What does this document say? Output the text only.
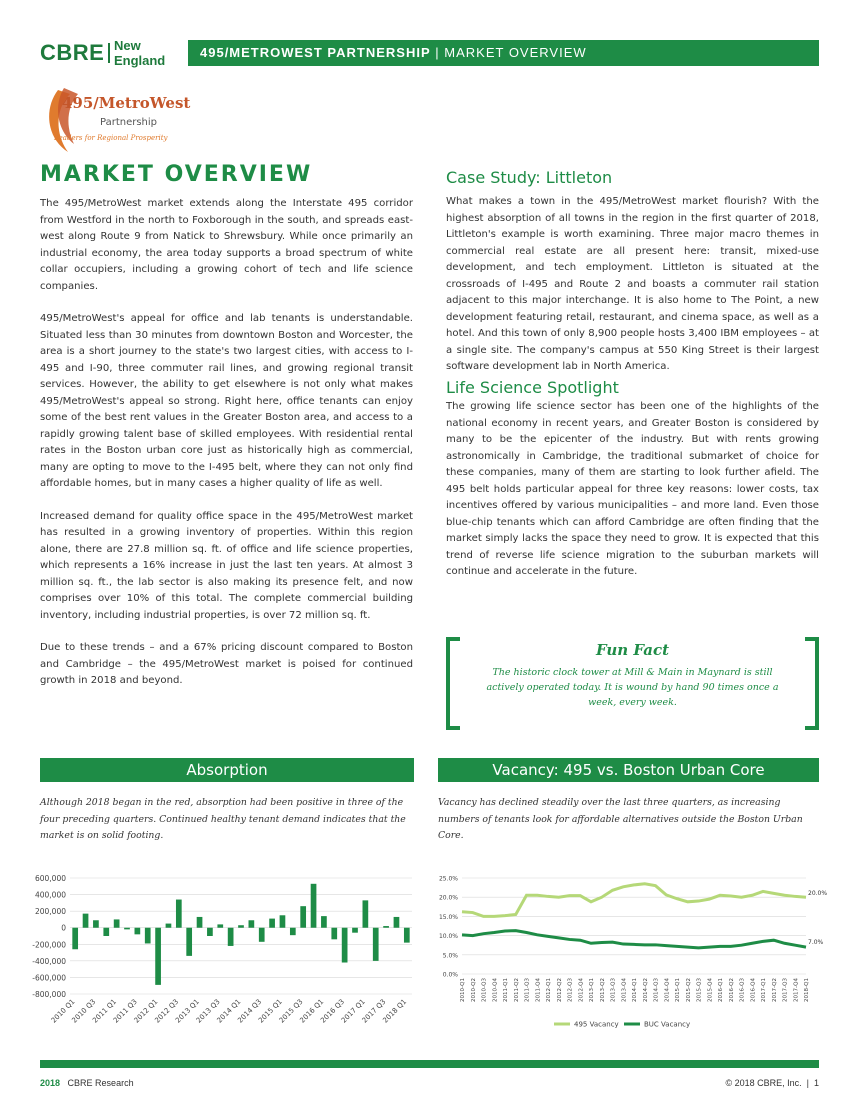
CBRE New England
495/METROWEST PARTNERSHIP | MARKET OVERVIEW
495/MetroWest
Partnership
Leaders for Regional Prosperity
MARKET OVERVIEW

The 495/MetroWest market extends along the Interstate 495 corridor from Westford in the north to Foxborough in the south, and spreads east-west along Route 9 from Natick to Shrewsbury. While once primarily an industrial economy, the area today supports a broad spectrum of white collar occupiers, including a growing cohort of tech and life science companies.

495/MetroWest's appeal for office and lab tenants is understandable. Situated less than 30 minutes from downtown Boston and Worcester, the area is a short journey to the state's two largest cities, with access to I-495 and I-90, three commuter rail lines, and growing regional transit services. However, the ability to get elsewhere is not only what makes 495/MetroWest's appeal so strong. Right here, office tenants can enjoy some of the best rent values in the Greater Boston area, and access to a rapidly growing talent base of skilled employees. With residential rental rates in the Boston urban core just as historically high as commercial, many are opting to move to the I-495 belt, where they can not only find affordable homes, but in many cases a higher quality of life as well.

Increased demand for quality office space in the 495/MetroWest market has resulted in a growing inventory of properties. Within this region alone, there are 27.8 million sq. ft. of office and life science properties, which represents a 16% increase in just the last ten years. At almost 3 million sq. ft., the lab sector is also making its presence felt, and now comprises over 10% of this total. The complete commercial building inventory, including industrial properties, is over 72 million sq. ft.

Due to these trends – and a 67% pricing discount compared to Boston and Cambridge – the 495/MetroWest market is poised for continued growth in 2018 and beyond.

Case Study: Littleton

What makes a town in the 495/MetroWest market flourish? With the highest absorption of all towns in the region in the first quarter of 2018, Littleton's example is worth examining. Three major macro themes in commercial real estate are all present here: transit, mixed-use development, and tech employment. Littleton is situated at the crossroads of I-495 and Route 2 and boasts a commuter rail station adjacent to this major interchange. It is also home to The Point, a new development featuring retail, restaurant, and cinema space, as well as a hotel. And this town of only 8,900 people hosts 3,400 IBM employees – at a single site. The company's campus at 550 King Street is their largest software development lab in North America.

Life Science Spotlight

The growing life science sector has been one of the highlights of the national economy in recent years, and Greater Boston is considered by many to be the epicenter of the industry. But with rents growing astronomically in Cambridge, the traditional submarket of choice for these companies, many of them are starting to look further afield. The 495 belt holds particular appeal for three key reasons: lower costs, tax incentives offered by various municipalities – and more land. Even those blue-chip tenants which can afford Cambridge are often finding that the market simply lacks the space they need to grow. It is expected that this trend of reverse life science migration to the suburban markets will continue and accelerate in the future.

Fun Fact
The historic clock tower at Mill & Main in Maynard is still actively operated today. It is wound by hand 90 times once a week, every week.
Absorption
Although 2018 began in the red, absorption had been positive in three of the four preceding quarters. Continued healthy tenant demand indicates that the market is on solid footing.
600,000
400,000
200,000
0
-200,000
-400,000
-600,000
-800,000
2010 Q1
2010 Q3
2011 Q1
2011 Q3
2012 Q1
2012 Q3
2013 Q1
2013 Q3
2014 Q1
2014 Q3
2015 Q1
2015 Q3
2016 Q1
2016 Q3
2017 Q1
2017 Q3
2018 Q1
Vacancy: 495 vs. Boston Urban Core
Vacancy has declined steadily over the last three quarters, as increasing numbers of tenants look for affordable alternatives outside the Boston Urban Core.
0.0%
5.0%
10.0%
15.0%
20.0%
25.0%
2010-Q1 2010-Q2 2010-Q3 2010-Q4 2011-Q1 2011-Q2 2011-Q3 2011-Q4 2012-Q1 2012-Q2 2012-Q3 2012-Q4 2013-Q1 2013-Q2 2013-Q3 2013-Q4 2014-Q1 2014-Q2 2014-Q3 2014-Q4 2015-Q1 2015-Q2 2015-Q3 2015-Q4 2016-Q1 2016-Q2 2016-Q3 2016-Q4 2017-Q1 2017-Q2 2017-Q3 2017-Q4 2018-Q1
20.0%
495 Vacancy
7.0%
BUC Vacancy
2018 CBRE Research	© 2018 CBRE, Inc. | 1
